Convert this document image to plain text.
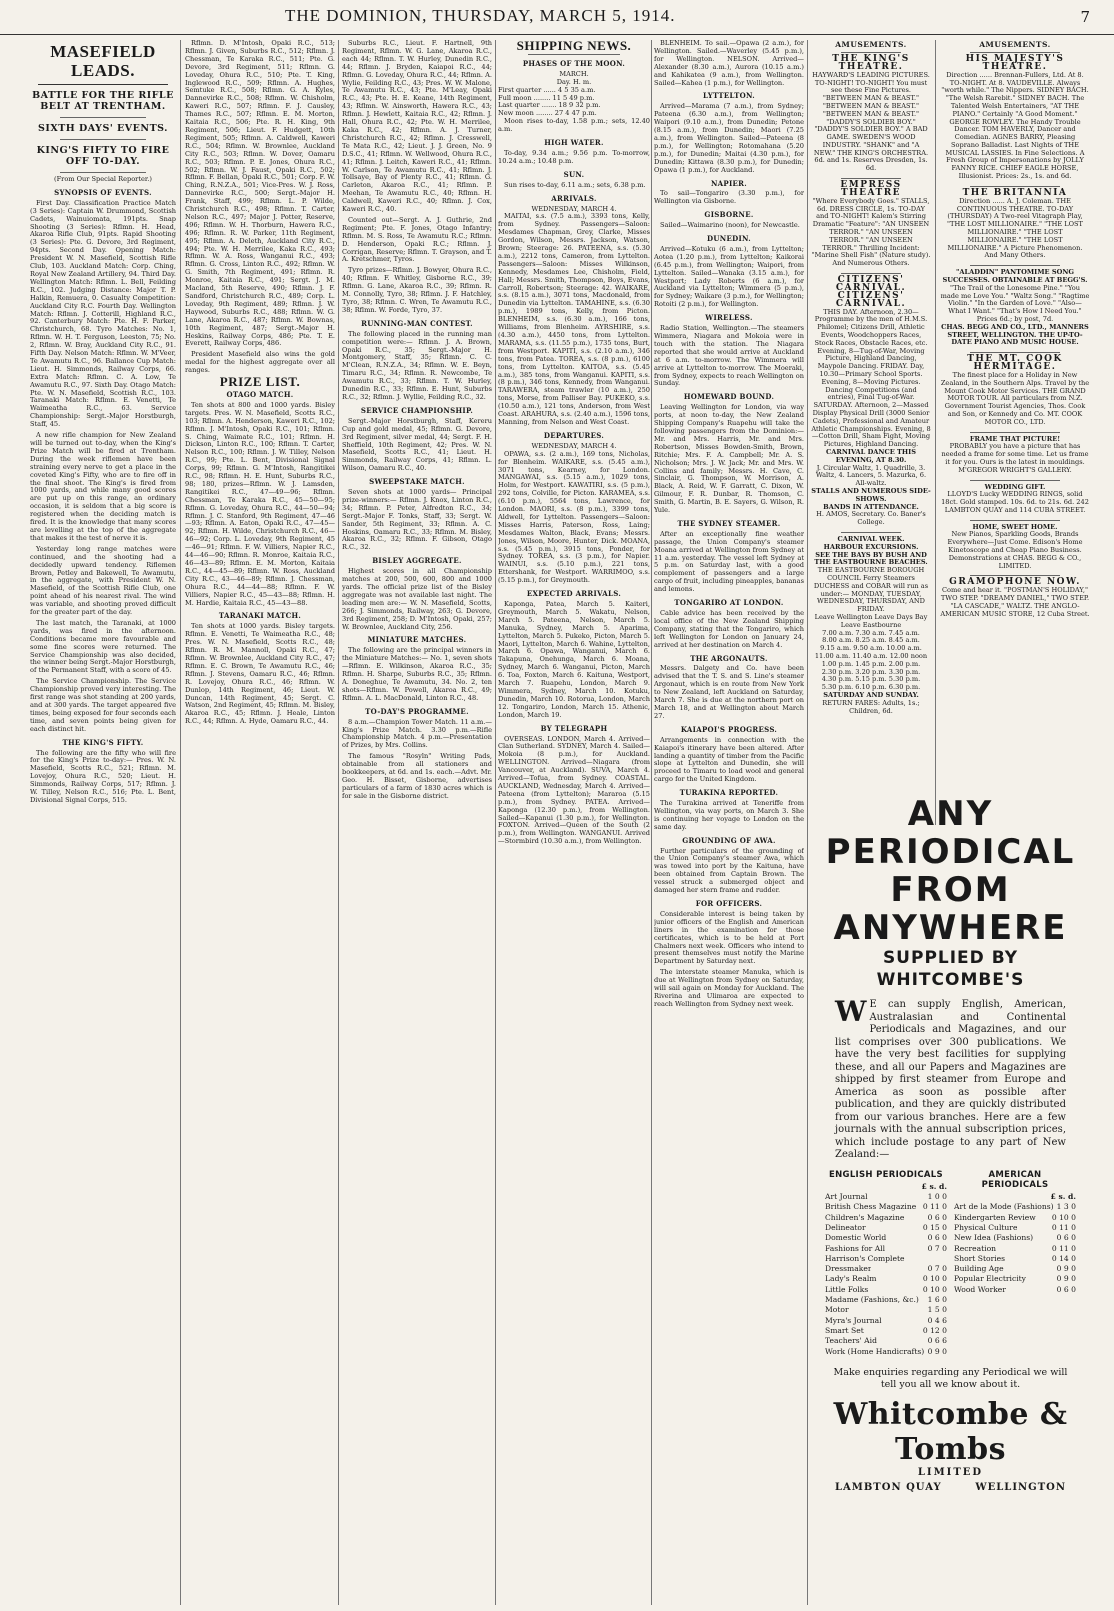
THE DOMINION, THURSDAY, MARCH 5, 1914.	7
MASEFIELD LEADS.
BATTLE FOR THE RIFLE BELT AT TRENTHAM.
SIXTH DAYS' EVENTS.
KING'S FIFTY TO FIRE OFF TO-DAY.
(From Our Special Reporter.)
SYNOPSIS OF EVENTS.

First Day. Classification Practice Match (3 Series): Captain W. Drummond, Scottish Cadets, Wainuiomata, 191pts. Snap Shooting (3 Series): Rflmn. H. Head, Akaroa Rifle Club, 91pts. Rapid Shooting (3 Series): Pte. G. Devore, 3rd Regiment, 94pts. Second Day. Opening Match: President W. N. Masefield, Scottish Rifle Club, 103. Auckland Match: Corp. Ching, Royal New Zealand Artillery, 94. Third Day. Wellington Match: Rflmn. L. Bell, Feilding R.C., 102. Judging Distance: Major T. P. Halkin, Remuera, 0. Casualty Competition: Auckland City R.C. Fourth Day. Wellington Match: Rflmn. J. Cotterill, Highland R.C., 92. Canterbury Match: Pte. H. F. Parker, Christchurch, 68. Tyro Matches: No. 1, Rflmn. W. H. T. Ferguson, Leeston, 75; No. 2, Rflmn. W. Bray, Auckland City R.C., 91. Fifth Day. Nelson Match: Rflmn. W. M'Veer, Te Awamutu R.C., 96. Ballance Cup Match: Lieut. H. Simmonds, Railway Corps, 66. Extra Match: Rflmn. C. A. Low, Te Awamutu R.C., 97. Sixth Day. Otago Match: Pte. W. N. Masefield, Scottish R.C., 103. Taranaki Match: Rflmn. E. Venetti, Te Waimeatha R.C., 63. Service Championship: Sergt.-Major Horstburgh, Staff, 45.

A new rifle champion for New Zealand will be turned out to-day, when the King's Prize Match will be fired at Trentham. During the week riflemen have been straining every nerve to get a place in the coveted King's Fifty, who are to fire off in the final shoot. The King's is fired from 1000 yards, and while many good scores are put up on this range, an ordinary occasion, it is seldom that a big score is registered when the deciding match is fired. It is the knowledge that many scores are levelling at the top of the aggregate that makes it the test of nerve it is.

Yesterday long range matches were continued, and the shooting had a decidedly upward tendency. Riflemen Brown, Petley and Bakewell, Te Awamutu, in the aggregate, with President W. N. Masefield, of the Scottish Rifle Club, one point ahead of his nearest rival. The wind was variable, and shooting proved difficult for the greater part of the day.

The last match, the Taranaki, at 1000 yards, was fired in the afternoon. Conditions became more favourable and some fine scores were returned. The Service Championship was also decided, the winner being Sergt.-Major Horstburgh, of the Permanent Staff, with a score of 45.

The Service Championship. The Service Championship proved very interesting. The first range was shot standing at 200 yards, and at 300 yards. The target appeared five times, being exposed for four seconds each time, and seven points being given for each distinct hit.

THE KING'S FIFTY.

The following are the fifty who will fire for the King's Prize to-day:— Pres. W. N. Masefield, Scotts R.C., 521; Rflmn. M. Lovejoy, Ohura R.C., 520; Lieut. H. Simmonds, Railway Corps, 517; Rflmn. J. W. Tilley, Nelson R.C., 516; Pte. L. Bent, Divisional Signal Corps, 515.

Rflmn. D. M'Intosh, Opaki R.C., 513; Rflmn. J. Given, Suburbs R.C., 512; Rflmn. J. Chessman, Te Karaka R.C., 511; Pte. G. Devore, 3rd Regiment, 511; Rflmn. G. Loveday, Ohura R.C., 510; Pte. T. King, Inglewood R.C., 509; Rflmn. A. Hughes, Semtuke R.C., 508; Rflmn. G. A. Kyles, Dannevirke R.C., 508; Rflmn. W. Chisholm, Kaweri R.C., 507; Rflmn. F. J. Causley, Thames R.C., 507; Rflmn. E. M. Morton, Kaitaia R.C., 506; Pte. R. H. King, 9th Regiment, 506; Lieut. F. Hudgett, 10th Regiment, 505; Rflmn. A. Caldwell, Kaweri R.C., 504; Rflmn. W. Brownlee, Auckland City R.C., 503; Rflmn. W. Dover, Oamaru R.C., 503; Rflmn. P. E. Jones, Ohura R.C., 502; Rflmn. W. J. Faust, Opaki R.C., 502; Rflmn. F. Bellan, Opaki R.C., 501; Corp. F. W. Ching, R.N.Z.A., 501; Vice-Pres. W. J. Ross, Dannevirke R.C., 500; Sergt.-Major H. Frank, Staff, 499; Rflmn. L. P. Wilde, Christchurch R.C., 498; Rflmn. T. Carter, Nelson R.C., 497; Major J. Potter, Reserve, 496; Rflmn. W. H. Thorburn, Hawera R.C., 496; Rflmn. R. W. Parker, 11th Regiment, 495; Rflmn. A. Deleth, Auckland City R.C., 494; Pte. W. H. Merrilee, Kaka R.C., 493; Rflmn. W. A. Ross, Wanganui R.C., 493; Rflmn. G. Cross, Linton R.C., 492; Rflmn. W. G. Smith, 7th Regiment, 491; Rflmn. R. Monroe, Kaitaia R.C., 491; Sergt. J. M. Macland, 5th Reserve, 490; Rflmn. J. F. Sandford, Christchurch R.C., 489; Corp. L. Loveday, 9th Regiment, 489; Rflmn. J. W. Haywood, Suburbs R.C., 488; Rflmn. W. G. Lane, Akaroa R.C., 487; Rflmn. W. Bownas, 10th Regiment, 487; Sergt.-Major H. Heskins, Railway Corps, 486; Pte. T. E. Everett, Railway Corps, 486.

President Masefield also wins the gold medal for the highest aggregate over all ranges.

PRIZE LIST.
OTAGO MATCH.

Ten shots at 800 and 1000 yards. Bisley targets. Pres. W. N. Masefield, Scotts R.C., 103; Rflmn. A. Henderson, Kaweri R.C., 102; Rflmn. J. M'Intosh, Opaki R.C., 101; Rflmn. S. Ching, Waimate R.C., 101; Rflmn. H. Dickson, Linton R.C., 100; Rflmn. T. Carter, Nelson R.C., 100; Rflmn. J. W. Tilley, Nelson R.C., 99; Pte. L. Bent, Divisional Signal Corps, 99; Rflmn. G. M'Intosh, Rangitikei R.C., 98; Rflmn. H. E. Hunt, Suburbs R.C., 98; 180, prizes—Rflmn. W. J. Lamsden, Rangitikei R.C., 47—49—96; Rflmn. Chessman, Te Karaka R.C., 45—50—95; Rflmn. G. Loveday, Ohura R.C., 44—50—94; Rflmn. J. C. Stanford, 9th Regiment, 47—46—93; Rflmn. A. Eaton, Opaki R.C., 47—45—92; Rflmn. H. Wilde, Christchurch R.C., 46—46—92; Corp. L. Loveday, 9th Regiment, 45—46—91; Rflmn. F. W. Villiers, Napier R.C., 44—46—90; Rflmn. R. Monroe, Kaitaia R.C., 46—43—89; Rflmn. E. M. Morton, Kaitaia R.C., 44—45—89; Rflmn. W. Ross, Auckland City R.C., 43—46—89; Rflmn. J. Chessman, Ohura R.C., 44—44—88; Rflmn. F. W. Villiers, Napier R.C., 45—43—88; Rflmn. H. M. Hardie, Kaitaia R.C., 45—43—88.

TARANAKI MATCH.

Ten shots at 1000 yards. Bisley targets. Rflmn. E. Venetti, Te Waimeatha R.C., 48; Pres. W. N. Masefield, Scotts R.C., 48; Rflmn. R. M. Mannoll, Opaki R.C., 47; Rflmn. W. Brownlee, Auckland City R.C., 47; Rflmn. E. C. Brown, Te Awamutu R.C., 46; Rflmn. J. Stevens, Oamaru R.C., 46; Rflmn. R. Lovejoy, Ohura R.C., 46; Rflmn. W. Dunlop, 14th Regiment, 46; Lieut. W. Duncan, 14th Regiment, 45; Sergt. C. Watson, 2nd Regiment, 45; Rflmn. M. Bisley, Akaroa R.C., 45; Rflmn. J. Heale, Linton R.C., 44; Rflmn. A. Hyde, Oamaru R.C., 44.

Suburbs R.C., Lieut. F. Hartnell, 9th Regiment, Rflmn. W. G. Lane, Akaroa R.C., each 44; Rflmn. T. W. Hurley, Dunedin R.C., 44; Rflmn. J. Bryden, Kaiapoi R.C., 44; Rflmn. G. Loveday, Ohura R.C., 44; Rflmn. A. Wylie, Feilding R.C., 43; Pres. W. W. Malone, Te Awamutu R.C., 43; Pte. M'Leay, Opaki R.C., 43; Pte. H. E. Keane, 14th Regiment, 43; Rflmn. W. Ainsworth, Hawera R.C., 43; Rflmn. J. Hewlett, Kaitaia R.C., 42; Rflmn. J. Hall, Ohura R.C., 42; Pte. W. H. Merrilee, Kaka R.C., 42; Rflmn. A. J. Turner, Christchurch R.C., 42; Rflmn. J. Cresswell, Te Mata R.C., 42; Lieut. J. J. Green, No. 9 D.S.C., 41; Rflmn. W. Wellwood, Ohura R.C., 41; Rflmn. J. Leitch, Kaweri R.C., 41; Rflmn. W. Carlson, Te Awamutu R.C., 41; Rflmn. J. Tollsaye, Bay of Plenty R.C., 41; Rflmn. G. Carleton, Akaroa R.C., 41; Rflmn. P. Meehan, Te Awamutu R.C., 40; Rflmn. H. Caldwell, Kaweri R.C., 40; Rflmn. J. Cox, Kaweri R.C., 40.

Counted out—Sergt. A. J. Guthrie, 2nd Regiment; Pte. F. Jones, Otago Infantry; Rflmn. M. S. Ross, Te Awamutu R.C.; Rflmn. D. Henderson, Opaki R.C.; Rflmn. J. Corrigan, Reserve; Rflmn. T. Grayson, and T. A. Kretschmer, Tyros.

Tyro prizes—Rflmn. J. Bowyer, Ohura R.C., 40; Rflmn. F. Whitley, Gisborne R.C., 39; Rflmn. G. Lane, Akaroa R.C., 39; Rflmn. R. M. Connolly, Tyro, 38; Rflmn. J. F. Hatchley, Tyro, 38; Rflmn. C. Wren, Te Awamutu R.C., 38; Rflmn. W. Forde, Tyro, 37.

RUNNING-MAN CONTEST.

The following placed in the running man competition were:— Rflmn. J. A. Brown, Opaki R.C., 35; Sergt.-Major H. Montgomery, Staff, 35; Rflmn. C. C. M'Clean, R.N.Z.A., 34; Rflmn. W. E. Beyn, Timaru R.C., 34; Rflmn. R. Newcombe, Te Awamutu R.C., 33; Rflmn. T. W. Hurley, Dunedin R.C., 33; Rflmn. E. Hunt, Suburbs R.C., 32; Rflmn. J. Wyllie, Feilding R.C., 32.

SERVICE CHAMPIONSHIP.

Sergt.-Major Horstburgh, Staff, Kereru Cup and gold medal, 45; Rflmn. G. Devore, 3rd Regiment, silver medal, 44; Sergt. F. H. Sheffield, 10th Regiment, 42; Pres. W. N. Masefield, Scotts R.C., 41; Lieut. H. Simmonds, Railway Corps, 41; Rflmn. L. Wilson, Oamaru R.C., 40.

SWEEPSTAKE MATCH.

Seven shots at 1000 yards— Principal prize-winners:— Rflmn. J. Knox, Linton R.C., 34; Rflmn. P. Peter, Alfredton R.C., 34; Sergt.-Major F. Tonks, Staff, 33; Sergt. W. Sander, 5th Regiment, 33; Rflmn. A. C. Hoskins, Oamaru R.C., 33; Rflmn. M. Bisley, Akaroa R.C., 32; Rflmn. F. Gibson, Otago R.C., 32.

BISLEY AGGREGATE.

Highest scores in all Championship matches at 200, 500, 600, 800 and 1000 yards. The official prize list of the Bisley aggregate was not available last night. The leading men are:— W. N. Masefield, Scotts, 266; J. Simmonds, Railway, 263; G. Devore, 3rd Regiment, 258; D. M'Intosh, Opaki, 257; W. Brownlee, Auckland City, 256.

MINIATURE MATCHES.

The following are the principal winners in the Miniature Matches:— No. 1, seven shots—Rflmn. E. Wilkinson, Akaroa R.C., 35; Rflmn. H. Sharpe, Suburbs R.C., 35; Rflmn. A. Doneghue, Te Awamutu, 34. No. 2, ten shots—Rflmn. W. Powell, Akaroa R.C., 49; Rflmn. A. L. MacDonald, Linton R.C., 48.

TO-DAY'S PROGRAMME.

8 a.m.—Champion Tower Match. 11 a.m.—King's Prize Match. 3.30 p.m.—Rifle Championship Match. 4 p.m.—Presentation of Prizes, by Mrs. Collins.

The famous "Rosyln" Writing Pads, obtainable from all stationers and bookkeepers, at 6d. and 1s. each.—Advt. Mr. Geo. H. Bisset, Gisborne, advertises particulars of a farm of 1830 acres which is for sale in the Gisborne district.

SHIPPING NEWS.
PHASES OF THE MOON.
MARCH.
Day. H. m.
First quarter ...... 4 5 35 a.m.
Full moon ........ 11 5 49 p.m.
Last quarter ....... 18 9 32 p.m.
New moon ........ 27 4 47 p.m.

Moon rises to-day, 1.58 p.m.; sets, 12.40 a.m.

HIGH WATER.

To-day, 9.34 a.m.; 9.56 p.m. To-morrow, 10.24 a.m.; 10.48 p.m.

SUN.

Sun rises to-day, 6.11 a.m.; sets, 6.38 p.m.

ARRIVALS.
WEDNESDAY, MARCH 4.

MAITAI, s.s. (7.5 a.m.), 3393 tons, Kelly, from Sydney. Passengers—Saloon: Mesdames Chapman, Grey, Clarke, Misses Gordon, Wilson, Messrs. Jackson, Watson, Brown; Steerage: 26. PATEENA, s.s. (5.30 a.m.), 2212 tons, Cameron, from Lyttelton. Passengers—Saloon: Misses Wilkinson, Kennedy, Mesdames Lee, Chisholm, Field, Hall; Messrs. Smith, Thompson, Boys, Evans, Carroll, Robertson; Steerage: 42. WAIKARE, s.s. (8.15 a.m.), 3071 tons, Macdonald, from Dunedin via Lyttelton. TAMAHINE, s.s. (6.30 p.m.), 1989 tons, Kelly, from Picton. BLENHEIM, s.s. (6.30 a.m.), 166 tons, Williams, from Blenheim. AYRSHIRE, s.s. (4.30 a.m.), 4450 tons, from Lyttelton. MARAMA, s.s. (11.55 p.m.), 1735 tons, Burt, from Westport. KAPITI, s.s. (2.10 a.m.), 346 tons, from Patea. TOREA, s.s. (8 p.m.), 6100 tons, from Lyttelton. KAITOA, s.s. (5.45 a.m.), 385 tons, from Wanganui. KAPITI, s.s. (8 p.m.), 346 tons, Kennedy, from Wanganui. TARAWERA, steam trawler (10 a.m.), 250 tons, Morse, from Palliser Bay. PUKEKO, s.s. (10.50 a.m.), 121 tons, Anderson, from West Coast. ARAHURA, s.s. (2.40 a.m.), 1596 tons, Manning, from Nelson and West Coast.

DEPARTURES.
WEDNESDAY, MARCH 4.

OPAWA, s.s. (2 a.m.), 169 tons, Nicholas, for Blenheim. WAIKARE, s.s. (5.45 a.m.), 3071 tons, Kearney, for London. MANGAWAI, s.s. (5.15 a.m.), 1029 tons, Holm, for Westport. KAWATIRI, s.s. (5 p.m.), 292 tons, Colville, for Picton. KARAMEA, s.s. (6.10 p.m.), 5564 tons, Lawrence, for London. MAORI, s.s. (8 p.m.), 3399 tons, Aldwell, for Lyttelton. Passengers—Saloon: Misses Harris, Paterson, Ross, Laing; Mesdames Walton, Black, Evans; Messrs. Jones, Wilson, Moore, Hunter, Dick. MOANA, s.s. (5.45 p.m.), 3915 tons, Ponder, for Sydney. TOREA, s.s. (3 p.m.), for Napier. WAINUI, s.s. (5.10 p.m.), 221 tons, Ettershank, for Westport. WARRIMOO, s.s. (5.15 p.m.), for Greymouth.

EXPECTED ARRIVALS.

Kaponga, Patea, March 5. Kaiteri, Greymouth, March 5. Wakatu, Nelson, March 5. Pateena, Nelson, March 5. Manuka, Sydney, March 5. Aparima, Lyttelton, March 5. Pukeko, Picton, March 5. Maori, Lyttelton, March 6. Wahine, Lyttelton, March 6. Opawa, Wanganui, March 6. Takapuna, Onehunga, March 6. Moana, Sydney, March 6. Wanganui, Picton, March 6. Toa, Foxton, March 6. Kaituna, Westport, March 7. Ruapehu, London, March 9. Wimmera, Sydney, March 10. Kotuku, Dunedin, March 10. Rotorua, London, March 12. Tongariro, London, March 15. Athenic, London, March 19.

BY TELEGRAPH

OVERSEAS. LONDON, March 4. Arrived—Clan Sutherland. SYDNEY, March 4. Sailed—Mokoia (8 p.m.), for Auckland. WELLINGTON. Arrived—Niagara (from Vancouver, at Auckland). SUVA, March 4. Arrived—Tofua, from Sydney. COASTAL. AUCKLAND, Wednesday, March 4. Arrived—Pateena (from Lyttelton); Mararoa (5.15 p.m.), from Sydney. PATEA. Arrived—Kaponga (12.30 p.m.), from Wellington. Sailed—Kapanui (1.30 p.m.), for Wellington. FOXTON. Arrived—Queen of the South (2 p.m.), from Wellington. WANGANUI. Arrived—Stormbird (10.30 a.m.), from Wellington.

BLENHEIM. To sail.—Opawa (2 a.m.), for Wellington. Sailed.—Waverley (5.45 p.m.), for Wellington. NELSON. Arrived—Alexander (8.30 a.m.), Aurora (10.15 a.m.) and Kahikatea (9 a.m.), from Wellington. Sailed—Kahea (1 p.m.), for Wellington.

LYTTELTON.

Arrived—Marama (7 a.m.), from Sydney; Pateena (6.30 a.m.), from Wellington; Waipori (9.10 a.m.), from Dunedin; Petone (8.15 a.m.), from Dunedin; Maori (7.25 a.m.), from Wellington. Sailed—Pateena (8 p.m.), for Wellington; Rotomahana (5.20 p.m.), for Dunedin; Maitai (4.30 p.m.), for Dunedin; Kittawa (8.30 p.m.), for Dunedin; Opawa (1 p.m.), for Auckland.

NAPIER.

To sail—Tongariro (3.30 p.m.), for Wellington via Gisborne.

GISBORNE.

Sailed—Waimarino (noon), for Newcastle.

DUNEDIN.

Arrived—Kotuku (6 a.m.), from Lyttelton; Aotea (1.20 p.m.), from Lyttelton; Kaikorai (6.45 p.m.), from Wellington; Waipori, from Lyttelton. Sailed—Wanaka (3.15 a.m.), for Westport; Lady Roberts (6 a.m.), for Auckland via Lyttelton; Wimmera (5 p.m.), for Sydney; Waikare (3 p.m.), for Wellington; Rotoiti (2 p.m.), for Wellington.

WIRELESS.

Radio Station, Wellington.—The steamers Wimmera, Niagara and Mokoia were in touch with the station. The Niagara reported that she would arrive at Auckland at 6 a.m. to-morrow. The Wimmera will arrive at Lyttelton to-morrow. The Moeraki, from Sydney, expects to reach Wellington on Sunday.

HOMEWARD BOUND.

Leaving Wellington for London, via way ports, at noon to-day, the New Zealand Shipping Company's Ruapehu will take the following passengers from the Dominion:—Mr. and Mrs. Harris, Mr. and Mrs. Robertson, Misses Bowden-Smith, Brown, Ritchie; Mrs. F. A. Campbell; Mr. A. S. Nicholson; Mrs. J. W. Jack; Mr. and Mrs. W. Collins and family; Messrs. H. Cave, C. Sinclair, G. Thompson, W. Morrison, A. Black, A. Reid, W. F. Garratt, C. Dixon, W. Gilmour, F. R. Dunbar, R. Thomson, C. Smith, G. Martin, B. E. Sayers, G. Wilson, R. Yule.

THE SYDNEY STEAMER.

After an exceptionally fine weather passage, the Union Company's steamer Moana arrived at Wellington from Sydney at 11 a.m. yesterday. The vessel left Sydney at 5 p.m. on Saturday last, with a good complement of passengers and a large cargo of fruit, including pineapples, bananas and lemons.

TONGARIRO AT LONDON.

Cable advice has been received by the local office of the New Zealand Shipping Company, stating that the Tongariro, which left Wellington for London on January 24, arrived at her destination on March 4.

THE ARGONAUTS.

Messrs. Dalgety and Co. have been advised that the T. S. and S. Line's steamer Argonaut, which is en route from New York to New Zealand, left Auckland on Saturday, March 7. She is due at the northern port on March 18, and at Wellington about March 27.

KAIAPOI'S PROGRESS.

Arrangements in connection with the Kaiapoi's itinerary have been altered. After landing a quantity of timber from the Pacific slope at Lyttelton and Dunedin, she will proceed to Timaru to load wool and general cargo for the United Kingdom.

TURAKINA REPORTED.

The Turakina arrived at Teneriffe from Wellington, via way ports, on March 3. She is continuing her voyage to London on the same day.

GROUNDING OF AWA.

Further particulars of the grounding of the Union Company's steamer Awa, which was towed into port by the Kaituna, have been obtained from Captain Brown. The vessel struck a submerged object and damaged her stern frame and rudder.

FOR OFFICERS.

Considerable interest is being taken by junior officers of the English and American liners in the examination for those certificates, which is to be held at Port Chalmers next week. Officers who intend to present themselves must notify the Marine Department by Saturday next.

The interstate steamer Manuka, which is due at Wellington from Sydney on Saturday, will sail again on Monday for Auckland. The Riverina and Ulimaroa are expected to reach Wellington from Sydney next week.

AMUSEMENTS.
THE KING'S THEATRE.
HAYWARD'S LEADING PICTURES. TO-NIGHT! TO-NIGHT! You must see these Fine Pictures. "BETWEEN MAN & BEAST." "BETWEEN MAN & BEAST." "BETWEEN MAN & BEAST." "DADDY'S SOLDIER BOY." "DADDY'S SOLDIER BOY." A BAD GAME. SWEDEN'S WOOD INDUSTRY. "SHANK" and "A NEW." THE KING'S ORCHESTRA. 6d. and 1s. Reserves Dresden, 1s. 6d.
EMPRESS THEATRE
"Where Everybody Goes." STALLS, 6d. DRESS CIRCLE, 1s. TO-DAY and TO-NIGHT! Kalem's Stirring Dramatic "Feature": "AN UNSEEN TERROR." "AN UNSEEN TERROR." "AN UNSEEN TERROR." Thrilling Incident: "Marine Shell Fish" (Nature study). And Numerous Others.
CITIZENS' CARNIVAL. CITIZENS' CARNIVAL.
THIS DAY. Afternoon, 2.30—Programme by the men of H.M.S. Philomel; Citizens Drill, Athletic Events, Woodchoppers Races, Stock Races, Obstacle Races, etc. Evening, 8—Tug-of-War, Moving Picture, Highland Dancing, Maypole Dancing. FRIDAY. Day, 10.30—Primary School Sports. Evening, 8—Moving Pictures. Dancing Competitions (and entries), Final Tug-of-War. SATURDAY. Afternoon, 2—Massed Display Physical Drill (3000 Senior Cadets), Professional and Amateur Athletic Championships. Evening, 8—Cotton Drill, Sham Fight, Moving Pictures, Highland Dancing.
CARNIVAL DANCE THIS EVENING, AT 8.30.
J. Circular Waltz, 1. Quadrille, 3. Waltz, 4. Lancers, 5. Mazurka, 6. All-waltz.
STALLS AND NUMEROUS SIDE-SHOWS.
BANDS IN ATTENDANCE.
H. AMOS, Secretary. Co. Baner's College.
CARNIVAL WEEK.
HARBOUR EXCURSIONS.
SEE THE BAYS BY BUSH AND THE EASTBOURNE BEACHES.
THE EASTBOURNE BOROUGH COUNCIL Ferry Steamers DUCHESS and COBAR will run as under:— MONDAY, TUESDAY, WEDNESDAY, THURSDAY, AND FRIDAY.
Leave Wellington Leave Days Bay Leave Eastbourne
7.00 a.m. 7.30 a.m. 7.45 a.m.
8.00 a.m. 8.25 a.m. 8.45 a.m.
9.15 a.m. 9.50 a.m. 10.00 a.m.
11.00 a.m. 11.40 a.m. 12.00 noon
1.00 p.m. 1.45 p.m. 2.00 p.m.
2.30 p.m. 3.20 p.m. 3.30 p.m.
4.30 p.m. 5.15 p.m. 5.30 p.m.
5.30 p.m. 6.10 p.m. 6.30 p.m.
SATURDAY AND SUNDAY.
RETURN FARES: Adults, 1s.; Children, 6d.
AMUSEMENTS.
HIS MAJESTY'S THEATRE.
Direction ...... Brennan-Fullers, Ltd. At 8. TO-NIGHT. At 8. VAUDEVILLE. Always "worth while." The Nippers. SIDNEY BACH. "The Welsh Rarebit." SIDNEY BACH. The Talented Welsh Entertainers, "AT THE PIANO." Certainly "A Good Moment." GEORGE ROWLEY. The Handy Trouble Dancer. TOM HAVERLY, Dancer and Comedian. AGNES BARRY, Pleasing Soprano Balladist. Last Nights of THE MUSICAL LASSIES. In Fine Selections. A Fresh Group of Impersonations by JOLLY FANNY RICE. CHIEF EAGLE HORSE, Illusionist. Prices: 2s., 1s. and 6d.
THE BRITANNIA
Direction ...... A. J. Coleman. THE CONTINUOUS THEATRE. TO-DAY (THURSDAY) A Two-reel Vitagraph Play, "THE LOST MILLIONAIRE." "THE LOST MILLIONAIRE." "THE LOST MILLIONAIRE." "THE LOST MILLIONAIRE." A Picture Phenomenon. And Many Others.
"ALADDIN" PANTOMIME SONG SUCCESSES. OBTAINABLE AT BEGG'S.
"The Trail of the Lonesome Pine." "You made me Love You." "Waltz Song." "Ragtime Violin." "In the Garden of Love." "Also—What I Want." "That's How I Need You." Prices 6d.; by post, 7d.
CHAS. BEGG AND CO., LTD., MANNERS STREET, WELLINGTON. THE UP-TO-DATE PIANO AND MUSIC HOUSE.
THE MT. COOK HERMITAGE.
The finest place for a Holiday in New Zealand, in the Southern Alps. Travel by the Mount Cook Motor Services. THE GRAND MOTOR TOUR. All particulars from N.Z. Government Tourist Agencies, Thos. Cook and Son, or Kennedy and Co. MT. COOK MOTOR CO., LTD.
FRAME THAT PICTURE!
PROBABLY you have a picture that has needed a frame for some time. Let us frame it for you. Ours is the latest in mouldings. M'GREGOR WRIGHT'S GALLERY.
WEDDING GIFT.
LLOYD'S Lucky WEDDING RINGS, solid 18ct. Gold stamped. 10s. 6d. to 21s. 6d. 242 LAMBTON QUAY and 114 CUBA STREET.
HOME, SWEET HOME.
New Pianos, Sparkling Goods, Brands Everywhere—Just Come. Edison's Home Kinetoscope and Cheap Piano Business. Demonstrations at CHAS. BEGG & CO., LIMITED.
GRAMOPHONE NOW.
Come and hear it. "POSTMAN'S HOLIDAY," TWO STEP. "DREAMY DANIEL," TWO STEP. "LA CASCADE," WALTZ. THE ANGLO-AMERICAN MUSIC STORE, 12 Cuba Street.
ANY PERIODICAL
FROM ANYWHERE
SUPPLIED BY WHITCOMBE'S
W E can supply English, American, Australasian and Continental Periodicals and Magazines, and our list comprises over 300 publications. We have the very best facilities for supplying these, and all our Papers and Magazines are shipped by first steamer from Europe and America as soon as possible after publication, and they are quickly distributed from our various branches. Here are a few journals with the annual subscription prices, which include postage to any part of New Zealand:—
ENGLISH PERIODICALS
£ s. d.
Art Journal	1 0 0
British Chess Magazine 0 11 0
Children's Magazine	0 6 0
Delineator	0 15 0
Domestic World	0 6 0
Fashions for All	0 7 0
Harrison's Complete
Dressmaker	0 7 0
Lady's Realm	0 10 0
Little Folks	0 10 0
Madame (Fashions, &c.) 1 6 0
Motor	1 5 0
Myra's Journal	0 4 6
Smart Set	0 12 0
Teachers' Aid	0 6 6
Work (Home Handicrafts) 0 9 0
AMERICAN PERIODICALS
£ s. d.
Art de la Mode (Fashions) 1 3 0
Kindergarten Review 0 10 0
Physical Culture	0 11 0
New Idea (Fashions)	0 6 0
Recreation	0 11 0
Short Stories	0 14 0
Building Age	0 9 0
Popular Electricity	0 9 0
Wood Worker	0 6 0
Make enquiries regarding any Periodical we will tell you all we know about it.
Whitcombe & Tombs
LIMITED
LAMBTON QUAY	WELLINGTON
